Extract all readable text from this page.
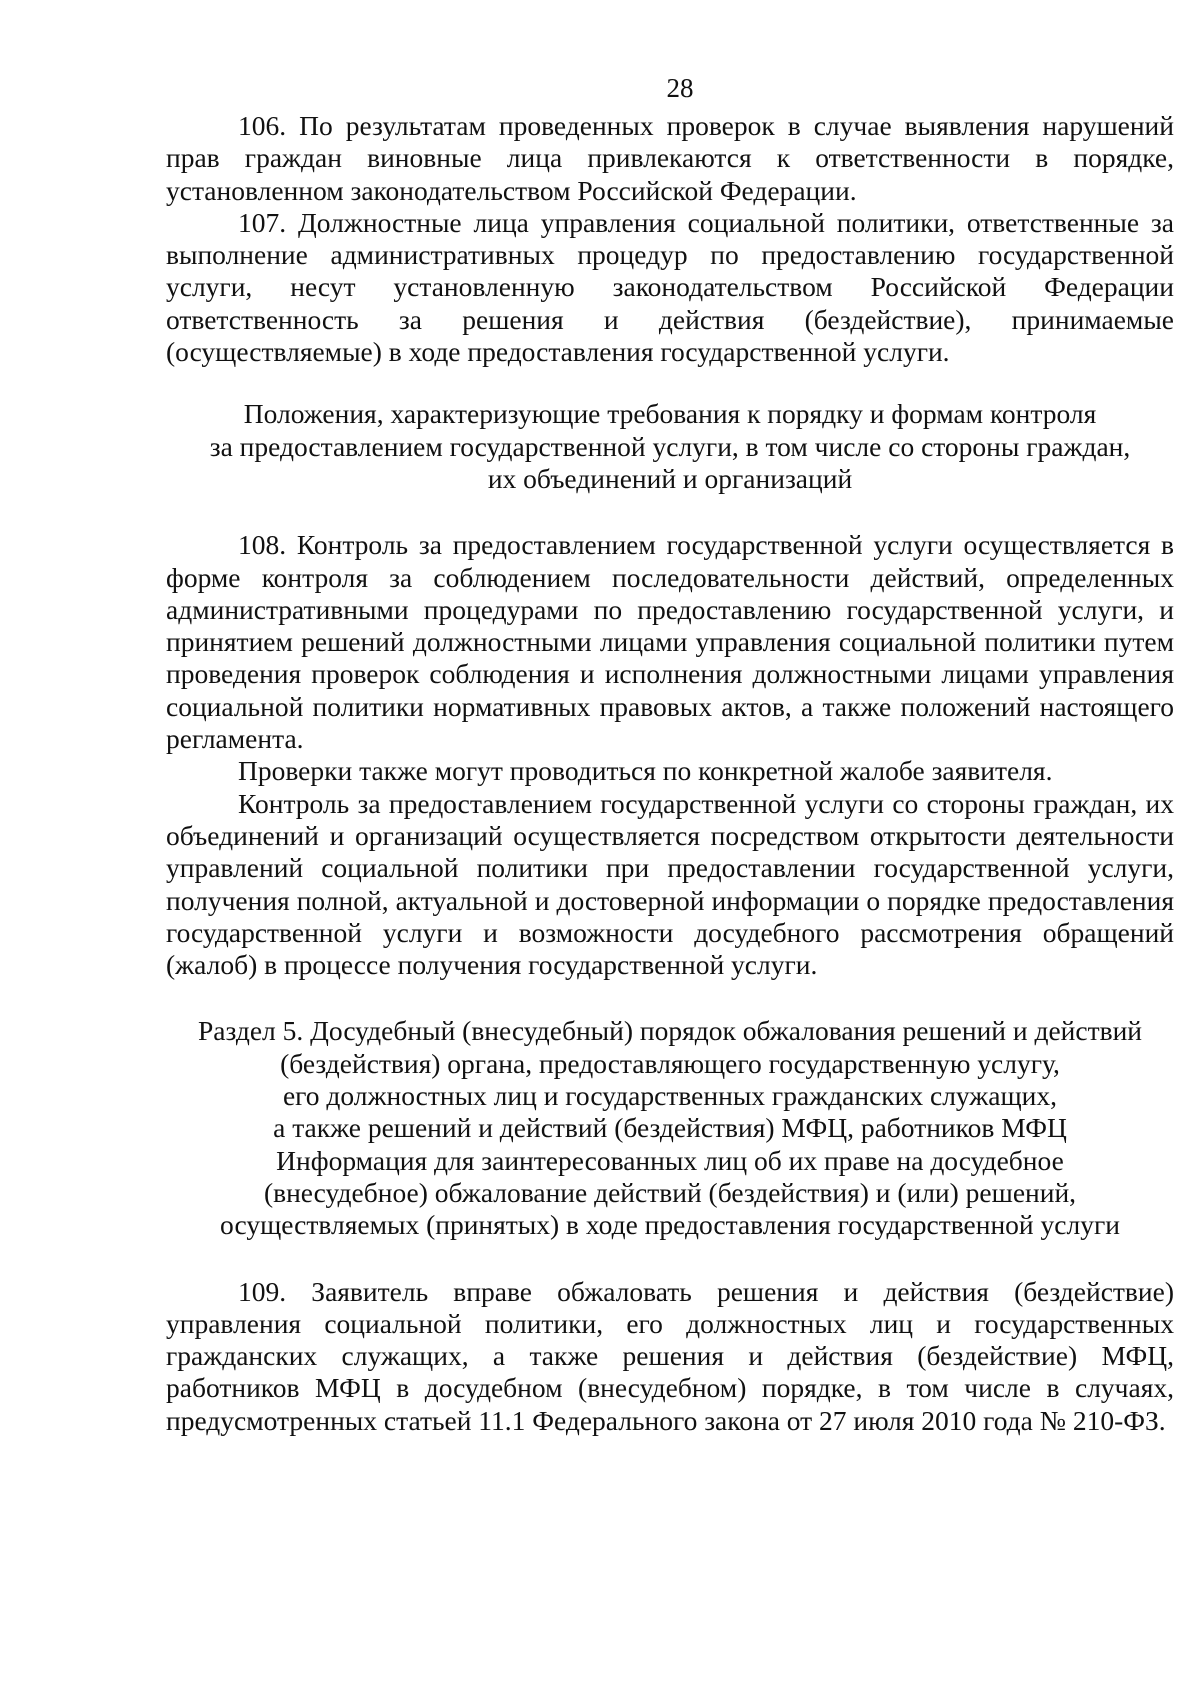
28

106. По результатам проведенных проверок в случае выявления нарушений прав граждан виновные лица привлекаются к ответственности в порядке, установленном законодательством Российской Федерации.

107. Должностные лица управления социальной политики, ответственные за выполнение административных процедур по предоставлению государственной услуги, несут установленную законодательством Российской Федерации ответственность за решения и действия (бездействие), принимаемые (осуществляемые) в ходе предоставления государственной услуги.

Положения, характеризующие требования к порядку и формам контроля
за предоставлением государственной услуги, в том числе со стороны граждан,
их объединений и организаций

108. Контроль за предоставлением государственной услуги осуществляется в форме контроля за соблюдением последовательности действий, определенных административными процедурами по предоставлению государственной услуги, и принятием решений должностными лицами управления социальной политики путем проведения проверок соблюдения и исполнения должностными лицами управления социальной политики нормативных правовых актов, а также положений настоящего регламента.

Проверки также могут проводиться по конкретной жалобе заявителя.

Контроль за предоставлением государственной услуги со стороны граждан, их объединений и организаций осуществляется посредством открытости деятельности управлений социальной политики при предоставлении государственной услуги, получения полной, актуальной и достоверной информации о порядке предоставления государственной услуги и возможности досудебного рассмотрения обращений (жалоб) в процессе получения государственной услуги.

Раздел 5. Досудебный (внесудебный) порядок обжалования решений и действий
(бездействия) органа, предоставляющего государственную услугу,
его должностных лиц и государственных гражданских служащих,
а также решений и действий (бездействия) МФЦ, работников МФЦ
Информация для заинтересованных лиц об их праве на досудебное
(внесудебное) обжалование действий (бездействия) и (или) решений,
осуществляемых (принятых) в ходе предоставления государственной услуги

109. Заявитель вправе обжаловать решения и действия (бездействие) управления социальной политики, его должностных лиц и государственных гражданских служащих, а также решения и действия (бездействие) МФЦ, работников МФЦ в досудебном (внесудебном) порядке, в том числе в случаях, предусмотренных статьей 11.1 Федерального закона от 27 июля 2010 года № 210-ФЗ.
